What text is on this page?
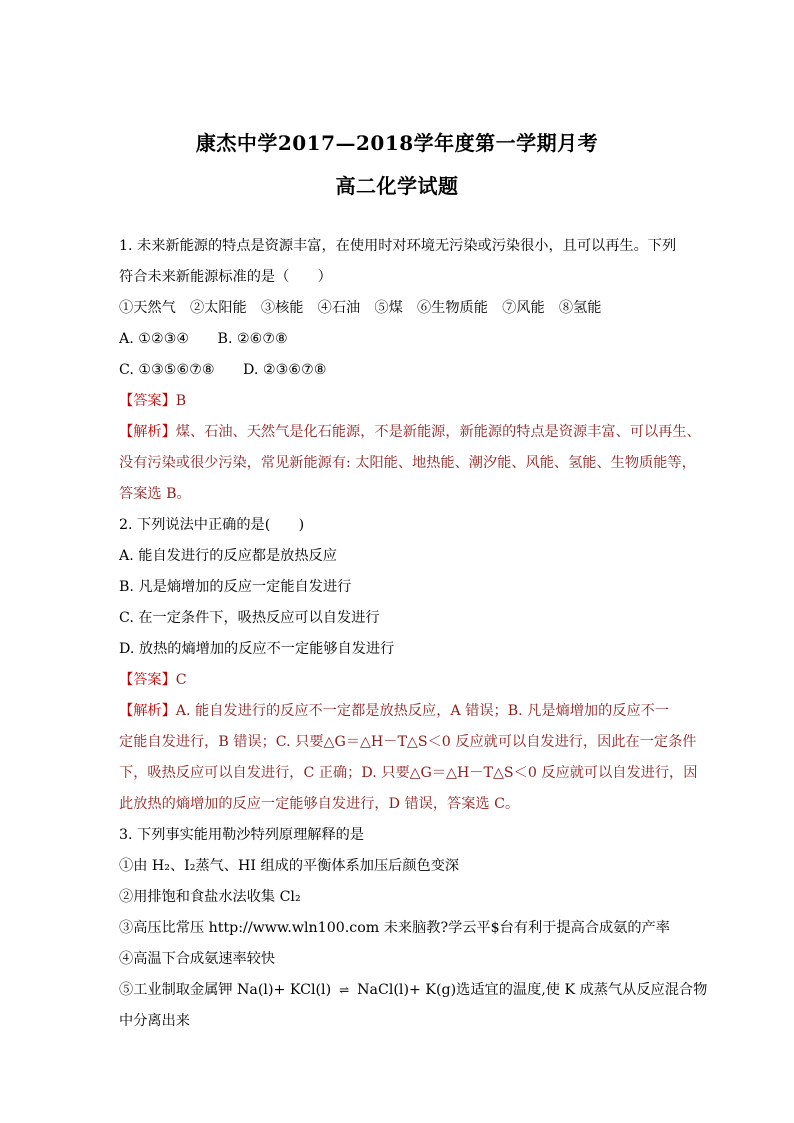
康杰中学2017—2018学年度第一学期月考
高二化学试题
1. 未来新能源的特点是资源丰富，在使用时对环境无污染或污染很小，且可以再生。下列
符合未来新能源标准的是（　　）
①天然气　②太阳能　③核能　④石油　⑤煤　⑥生物质能　⑦风能　⑧氢能
A. ①②③④　　B. ②⑥⑦⑧
C. ①③⑤⑥⑦⑧　　D. ②③⑥⑦⑧
【答案】B
【解析】煤、石油、天然气是化石能源，不是新能源，新能源的特点是资源丰富、可以再生、
没有污染或很少污染，常见新能源有: 太阳能、地热能、潮汐能、风能、氢能、生物质能等，
答案选 B。
2. 下列说法中正确的是(　　)
A. 能自发进行的反应都是放热反应
B. 凡是熵增加的反应一定能自发进行
C. 在一定条件下，吸热反应可以自发进行
D. 放热的熵增加的反应不一定能够自发进行
【答案】C
【解析】A. 能自发进行的反应不一定都是放热反应，A 错误；B. 凡是熵增加的反应不一
定能自发进行，B 错误；C. 只要△G＝△H－T△S＜0 反应就可以自发进行，因此在一定条件
下，吸热反应可以自发进行，C 正确；D. 只要△G＝△H－T△S＜0 反应就可以自发进行，因
此放热的熵增加的反应一定能够自发进行，D 错误，答案选 C。
3. 下列事实能用勒沙特列原理解释的是
①由 H₂、I₂蒸气、HI 组成的平衡体系加压后颜色变深
②用排饱和食盐水法收集 Cl₂
③高压比常压 http://www.wln100.com 未来脑教?学云平$台有利于提高合成氨的产率
④高温下合成氨速率较快
⑤工业制取金属钾 Na(l)+ KCl(l) ⇌ NaCl(l)+ K(g)选适宜的温度,使 K 成蒸气从反应混合物
中分离出来
